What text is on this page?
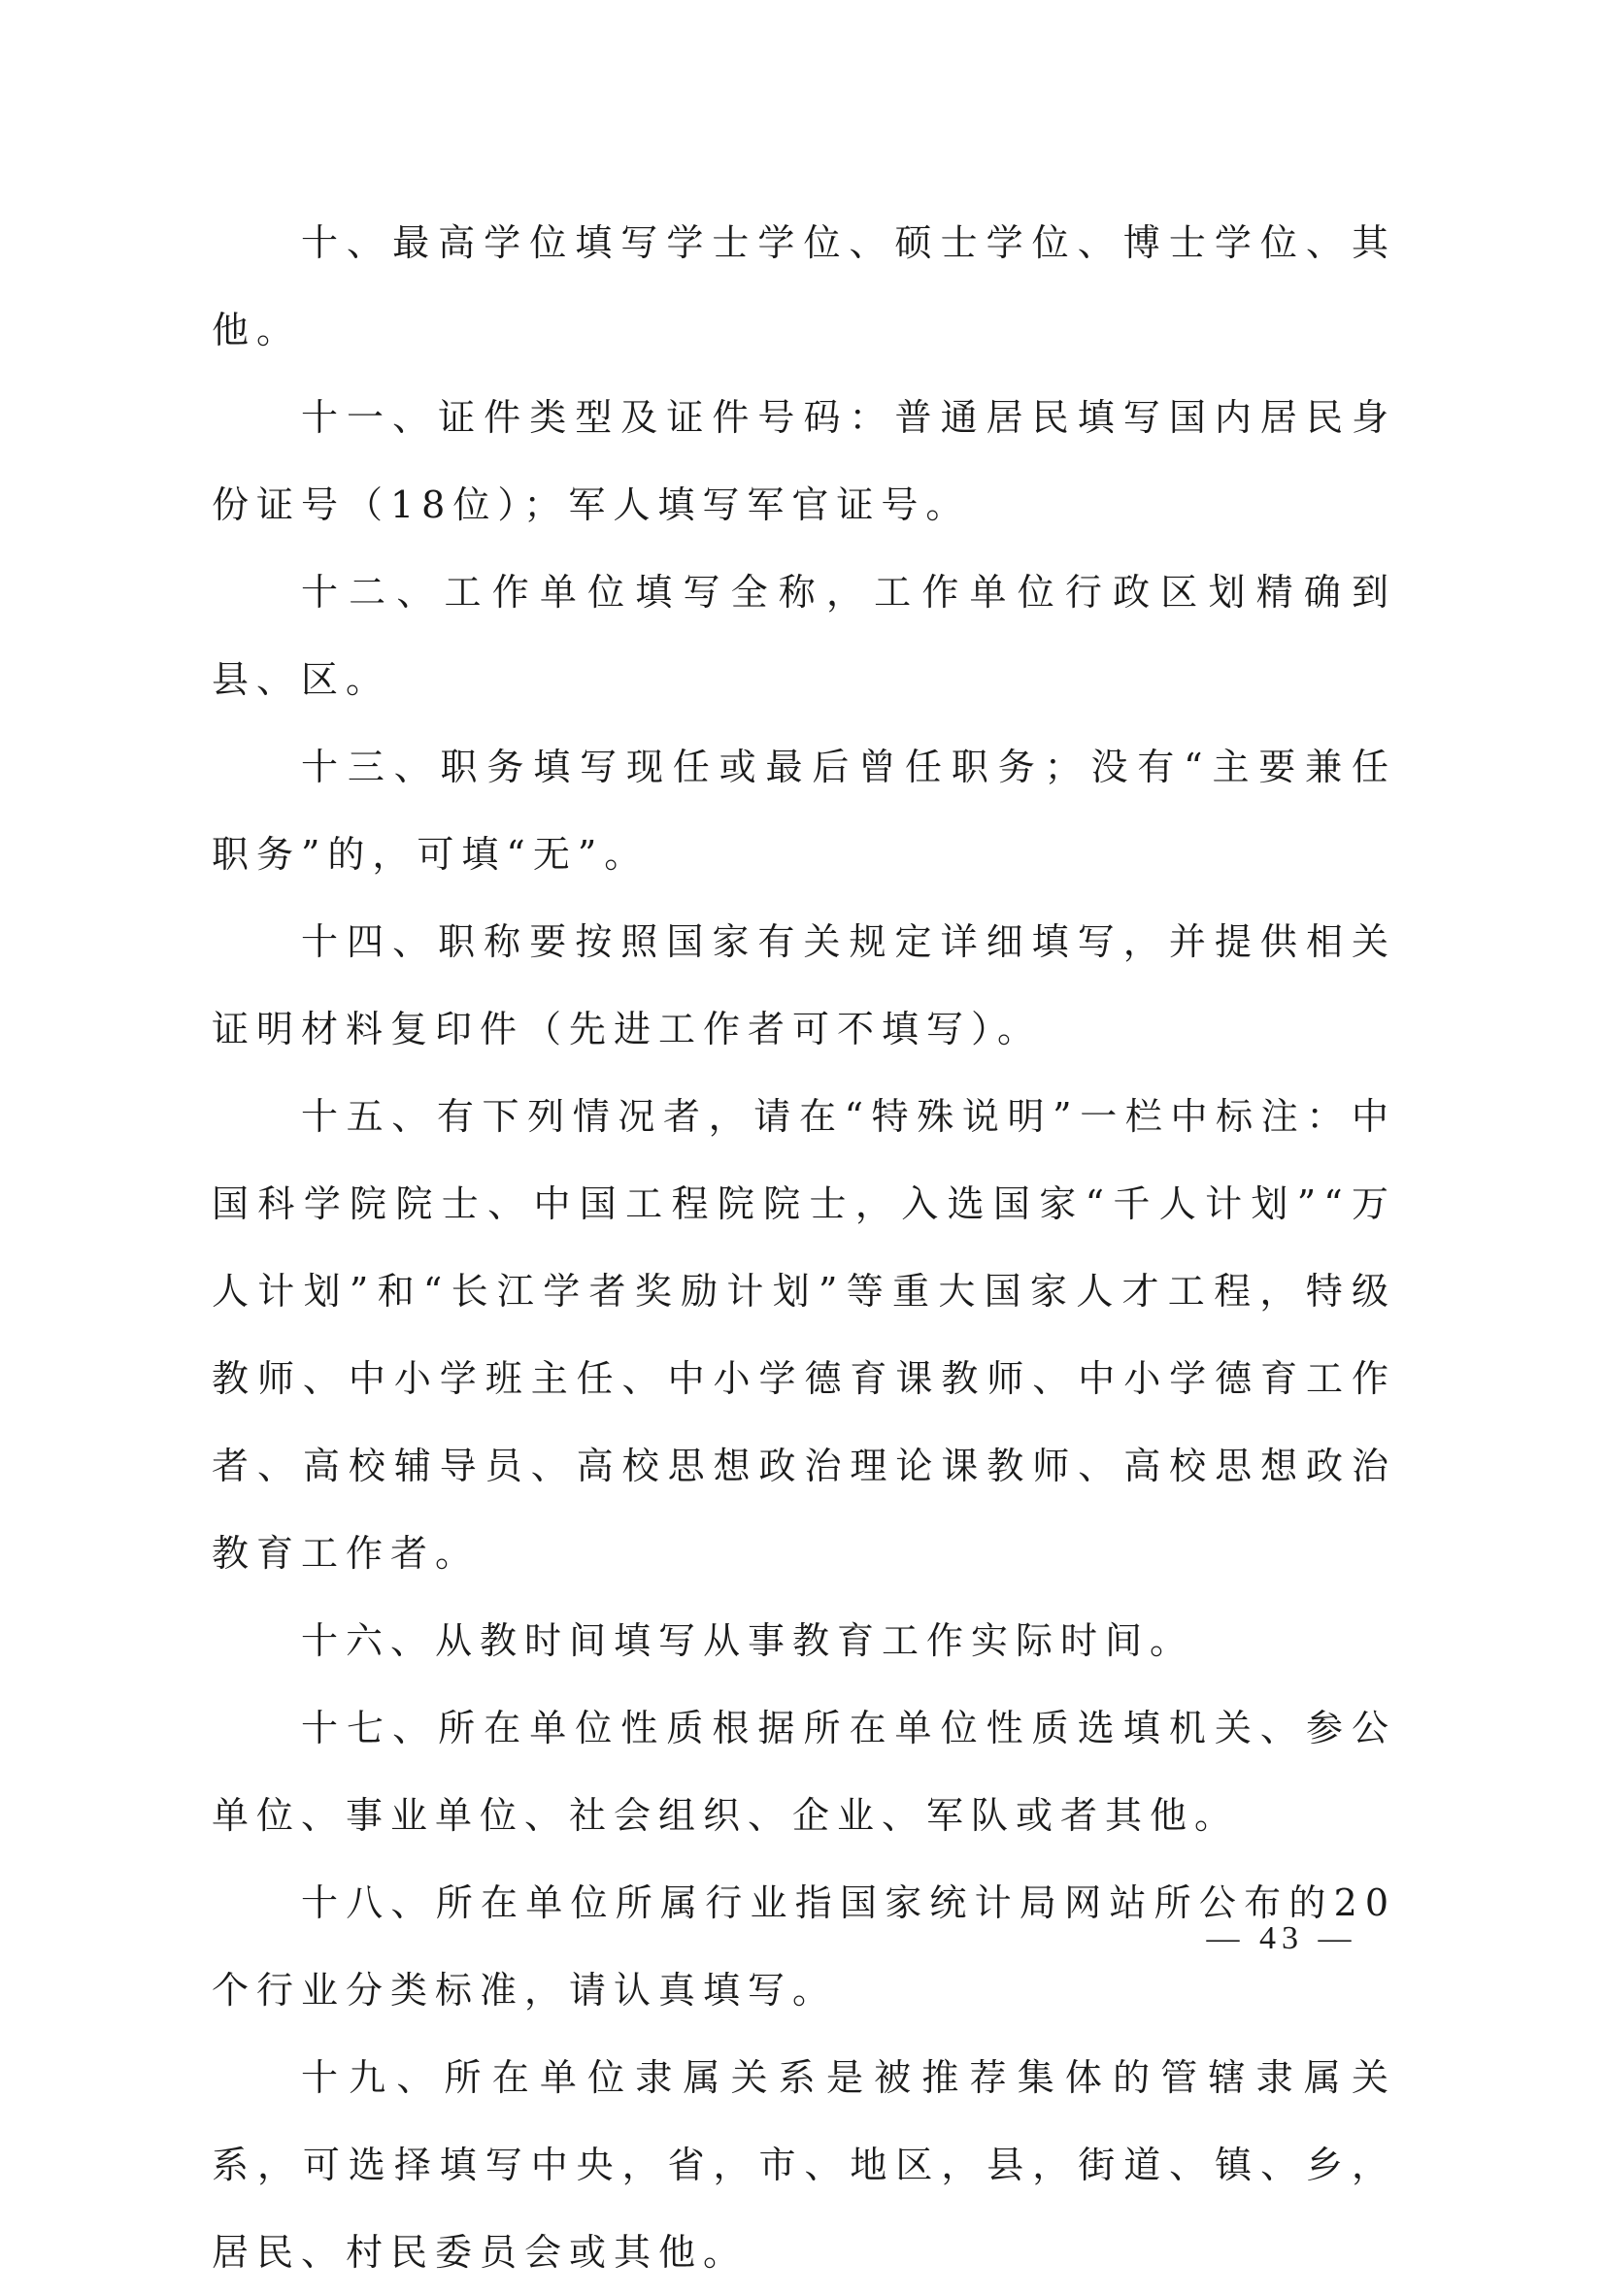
十、最高学位填写学士学位、硕士学位、博士学位、其他。

十一、证件类型及证件号码：普通居民填写国内居民身份证号（18位）；军人填写军官证号。

十二、工作单位填写全称，工作单位行政区划精确到县、区。

十三、职务填写现任或最后曾任职务；没有“主要兼任职务”的，可填“无”。

十四、职称要按照国家有关规定详细填写，并提供相关证明材料复印件（先进工作者可不填写）。

十五、有下列情况者，请在“特殊说明”一栏中标注：中国科学院院士、中国工程院院士，入选国家“千人计划”“万人计划”和“长江学者奖励计划”等重大国家人才工程，特级教师、中小学班主任、中小学德育课教师、中小学德育工作者、高校辅导员、高校思想政治理论课教师、高校思想政治教育工作者。

十六、从教时间填写从事教育工作实际时间。

十七、所在单位性质根据所在单位性质选填机关、参公单位、事业单位、社会组织、企业、军队或者其他。

十八、所在单位所属行业指国家统计局网站所公布的20个行业分类标准，请认真填写。

十九、所在单位隶属关系是被推荐集体的管辖隶属关系，可选择填写中央，省，市、地区，县，街道、镇、乡，居民、村民委员会或其他。

— 43 —
